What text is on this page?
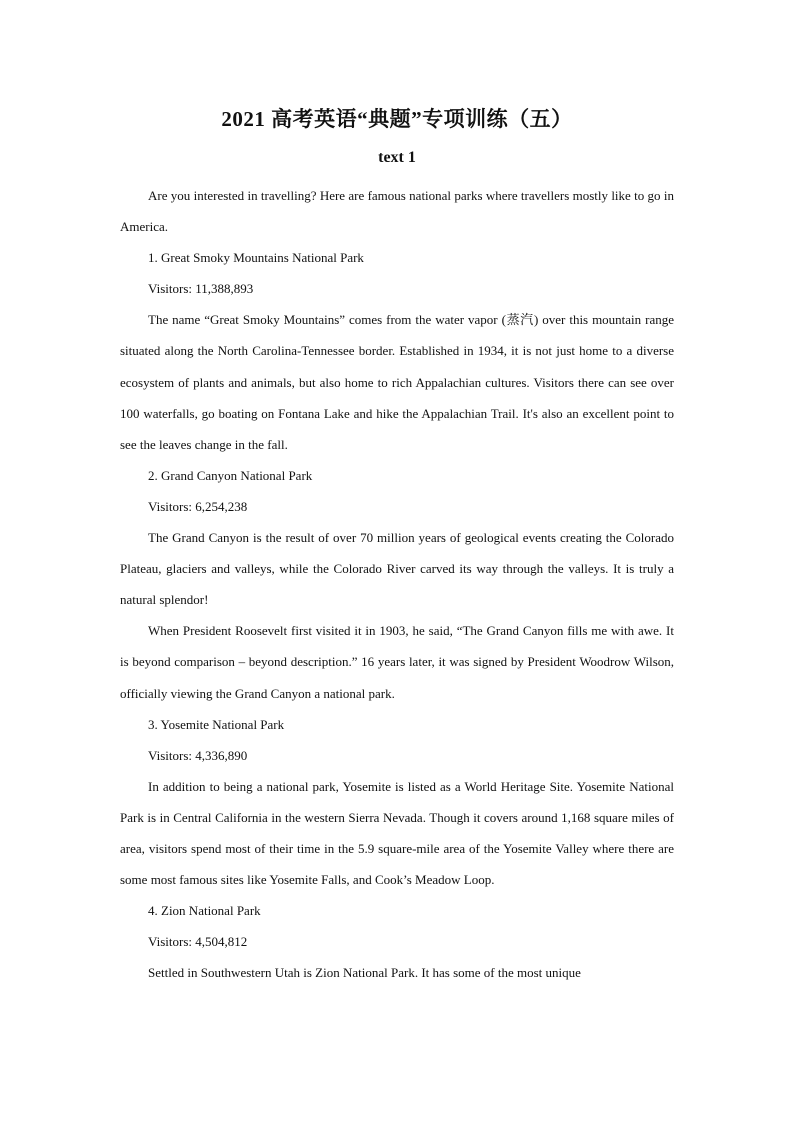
2021 高考英语“典题”专项训练（五）
text 1

Are you interested in travelling? Here are famous national parks where travellers mostly like to go in America.

1. Great Smoky Mountains National Park

Visitors: 11,388,893

The name “Great Smoky Mountains” comes from the water vapor (蒸汽) over this mountain range situated along the North Carolina-Tennessee border. Established in 1934, it is not just home to a diverse ecosystem of plants and animals, but also home to rich Appalachian cultures. Visitors there can see over 100 waterfalls, go boating on Fontana Lake and hike the Appalachian Trail. It's also an excellent point to see the leaves change in the fall.

2. Grand Canyon National Park

Visitors: 6,254,238

The Grand Canyon is the result of over 70 million years of geological events creating the Colorado Plateau, glaciers and valleys, while the Colorado River carved its way through the valleys. It is truly a natural splendor!

When President Roosevelt first visited it in 1903, he said, “The Grand Canyon fills me with awe. It is beyond comparison – beyond description.” 16 years later, it was signed by President Woodrow Wilson, officially viewing the Grand Canyon a national park.

3. Yosemite National Park

Visitors: 4,336,890

In addition to being a national park, Yosemite is listed as a World Heritage Site. Yosemite National Park is in Central California in the western Sierra Nevada. Though it covers around 1,168 square miles of area, visitors spend most of their time in the 5.9 square-mile area of the Yosemite Valley where there are some most famous sites like Yosemite Falls, and Cook’s Meadow Loop.

4. Zion National Park

Visitors: 4,504,812

Settled in Southwestern Utah is Zion National Park. It has some of the most unique
